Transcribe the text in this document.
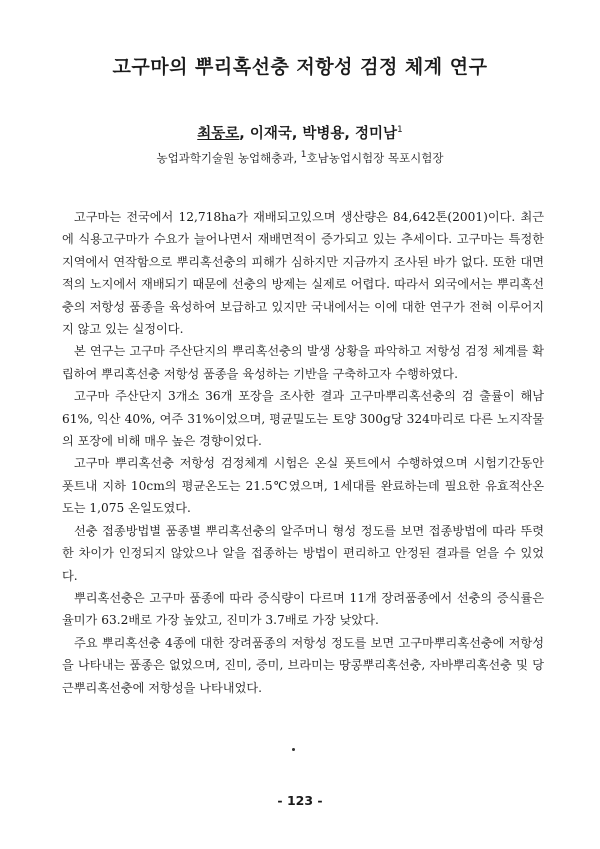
고구마의 뿌리혹선충 저항성 검정 체계 연구
최동로, 이재국, 박병용, 정미남$^1$
농업과학기술원 농업해충과, $^1$호남농업시험장 목포시험장

고구마는 전국에서 12,718ha가 재배되고있으며 생산량은 84,642톤(2001)이다. 최근에 식용고구마가 수요가 늘어나면서 재배면적이 증가되고 있는 추세이다. 고구마는 특정한 지역에서 연작함으로 뿌리혹선충의 피해가 심하지만 지금까지 조사된 바가 없다. 또한 대면적의 노지에서 재배되기 때문에 선충의 방제는 실제로 어렵다. 따라서 외국에서는 뿌리혹선충의 저항성 품종을 육성하여 보급하고 있지만 국내에서는 이에 대한 연구가 전혀 이루어지지 않고 있는 실정이다.

본 연구는 고구마 주산단지의 뿌리혹선충의 발생 상황을 파악하고 저항성 검정 체계를 확립하여 뿌리혹선충 저항성 품종을 육성하는 기반을 구축하고자 수행하였다.

고구마 주산단지 3개소 36개 포장을 조사한 결과 고구마뿌리혹선충의 검 출률이 해남 61%, 익산 40%, 여주 31%이었으며, 평균밀도는 토양 300g당 324마리로 다른 노지작물의 포장에 비해 매우 높은 경향이었다.

고구마 뿌리혹선충 저항성 검정체계 시험은 온실 폿트에서 수행하였으며 시험기간동안 폿트내 지하 10cm의 평균온도는 21.5℃였으며, 1세대를 완료하는데 필요한 유효적산온도는 1,075 온일도였다.

선충 접종방법별 품종별 뿌리혹선충의 알주머니 형성 정도를 보면 접종방법에 따라 뚜렷한 차이가 인정되지 않았으나 알을 접종하는 방법이 편리하고 안정된 결과를 얻을 수 있었다.

뿌리혹선충은 고구마 품종에 따라 증식량이 다르며 11개 장려품종에서 선충의 증식률은 율미가 63.2배로 가장 높았고, 진미가 3.7배로 가장 낮았다.

주요 뿌리혹선충 4종에 대한 장려품종의 저항성 정도를 보면 고구마뿌리혹선충에 저항성을 나타내는 품종은 없었으며, 진미, 증미, 브라미는 땅콩뿌리혹선충, 자바뿌리혹선충 및 당근뿌리혹선충에 저항성을 나타내었다.

- 123 -
